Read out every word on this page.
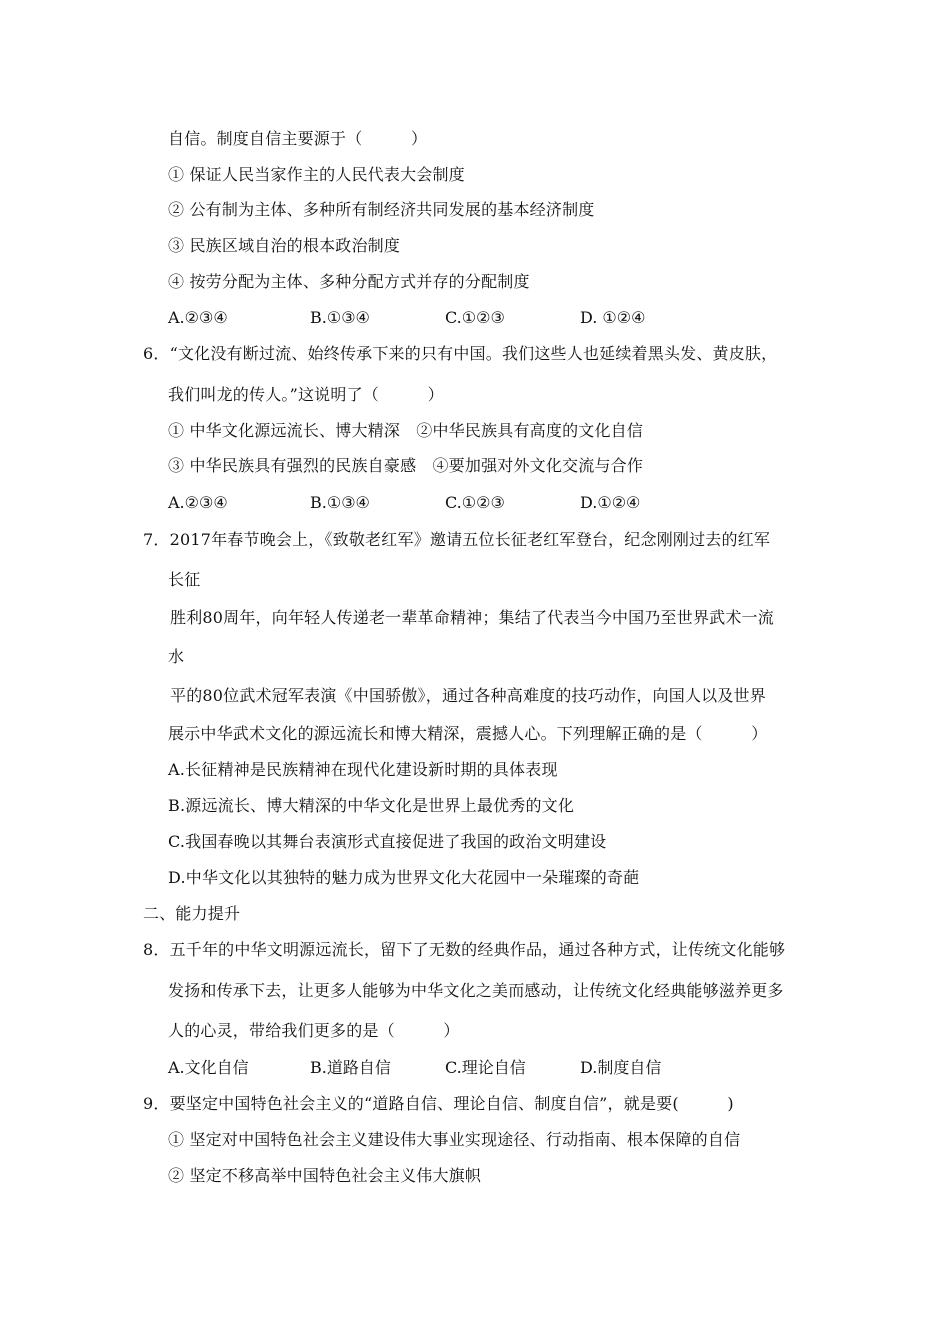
自信。制度自信主要源于（　　　）
① 保证人民当家作主的人民代表大会制度
② 公有制为主体、多种所有制经济共同发展的基本经济制度
③ 民族区域自治的根本政治制度
④ 按劳分配为主体、多种分配方式并存的分配制度
A.②③④	B.①③④	C.①②③	D. ①②④
6．“文化没有断过流、始终传承下来的只有中国。我们这些人也延续着黑头发、黄皮肤，
我们叫龙的传人。”这说明了（　　　）
① 中华文化源远流长、博大精深　②中华民族具有高度的文化自信
③ 中华民族具有强烈的民族自豪感　④要加强对外文化交流与合作
A.②③④	B.①③④	C.①②③	D.①②④
7．2017年春节晚会上，《致敬老红军》邀请五位长征老红军登台，纪念刚刚过去的红军
长征
胜利80周年，向年轻人传递老一辈革命精神；集结了代表当今中国乃至世界武术一流
水
平的80位武术冠军表演《中国骄傲》，通过各种高难度的技巧动作，向国人以及世界
展示中华武术文化的源远流长和博大精深，震撼人心。下列理解正确的是（　　　）
A.长征精神是民族精神在现代化建设新时期的具体表现
B.源远流长、博大精深的中华文化是世界上最优秀的文化
C.我国春晚以其舞台表演形式直接促进了我国的政治文明建设
D.中华文化以其独特的魅力成为世界文化大花园中一朵璀璨的奇葩
二、能力提升
8．五千年的中华文明源远流长，留下了无数的经典作品，通过各种方式，让传统文化能够
发扬和传承下去，让更多人能够为中华文化之美而感动，让传统文化经典能够滋养更多
人的心灵，带给我们更多的是（　　　）
A.文化自信	B.道路自信	C.理论自信	D.制度自信
9．要坚定中国特色社会主义的“道路自信、理论自信、制度自信”，就是要(　　　)
① 坚定对中国特色社会主义建设伟大事业实现途径、行动指南、根本保障的自信
② 坚定不移高举中国特色社会主义伟大旗帜
